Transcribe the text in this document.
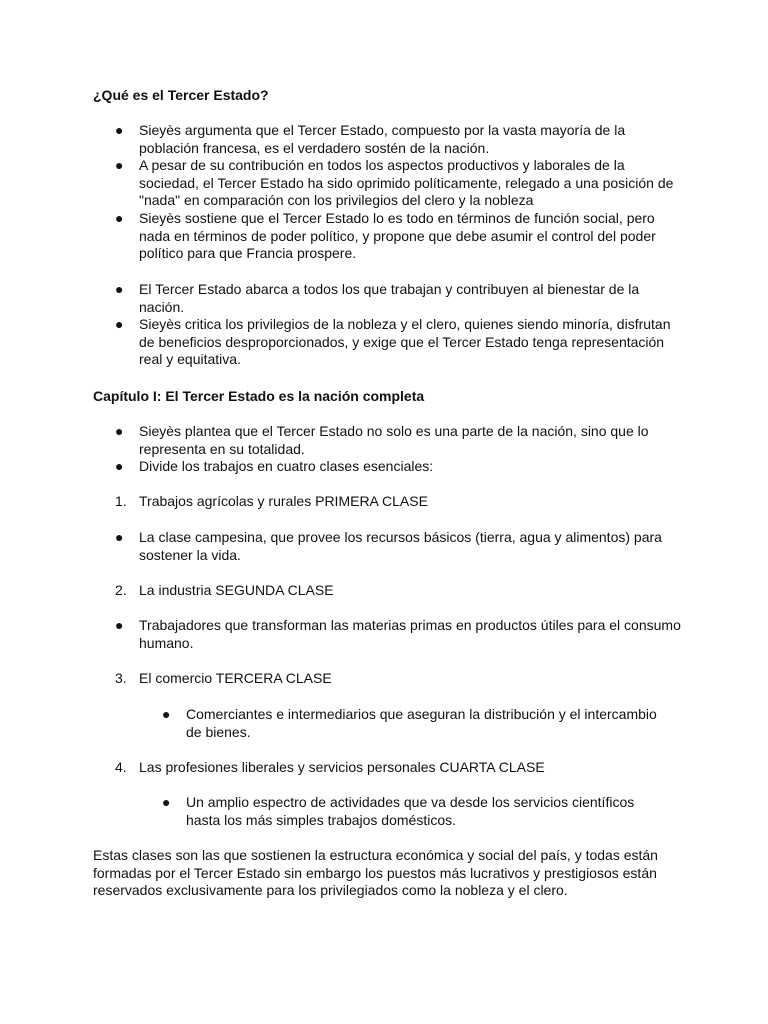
¿Qué es el Tercer Estado?

● Sieyès argumenta que el Tercer Estado, compuesto por la vasta mayoría de la población francesa, es el verdadero sostén de la nación.
● A pesar de su contribución en todos los aspectos productivos y laborales de la sociedad, el Tercer Estado ha sido oprimido políticamente, relegado a una posición de "nada" en comparación con los privilegios del clero y la nobleza
● Sieyès sostiene que el Tercer Estado lo es todo en términos de función social, pero nada en términos de poder político, y propone que debe asumir el control del poder político para que Francia prospere.
● El Tercer Estado abarca a todos los que trabajan y contribuyen al bienestar de la nación.
● Sieyès critica los privilegios de la nobleza y el clero, quienes siendo minoría, disfrutan de beneficios desproporcionados, y exige que el Tercer Estado tenga representación real y equitativa.

Capítulo I: El Tercer Estado es la nación completa

● Sieyès plantea que el Tercer Estado no solo es una parte de la nación, sino que lo representa en su totalidad.
● Divide los trabajos en cuatro clases esenciales:
1. Trabajos agrícolas y rurales PRIMERA CLASE
● La clase campesina, que provee los recursos básicos (tierra, agua y alimentos) para sostener la vida.
2. La industria SEGUNDA CLASE
● Trabajadores que transforman las materias primas en productos útiles para el consumo humano.
3. El comercio TERCERA CLASE
● Comerciantes e intermediarios que aseguran la distribución y el intercambio de bienes.
4. Las profesiones liberales y servicios personales CUARTA CLASE
● Un amplio espectro de actividades que va desde los servicios científicos hasta los más simples trabajos domésticos.

Estas clases son las que sostienen la estructura económica y social del país, y todas están formadas por el Tercer Estado sin embargo los puestos más lucrativos y prestigiosos están reservados exclusivamente para los privilegiados como la nobleza y el clero.
